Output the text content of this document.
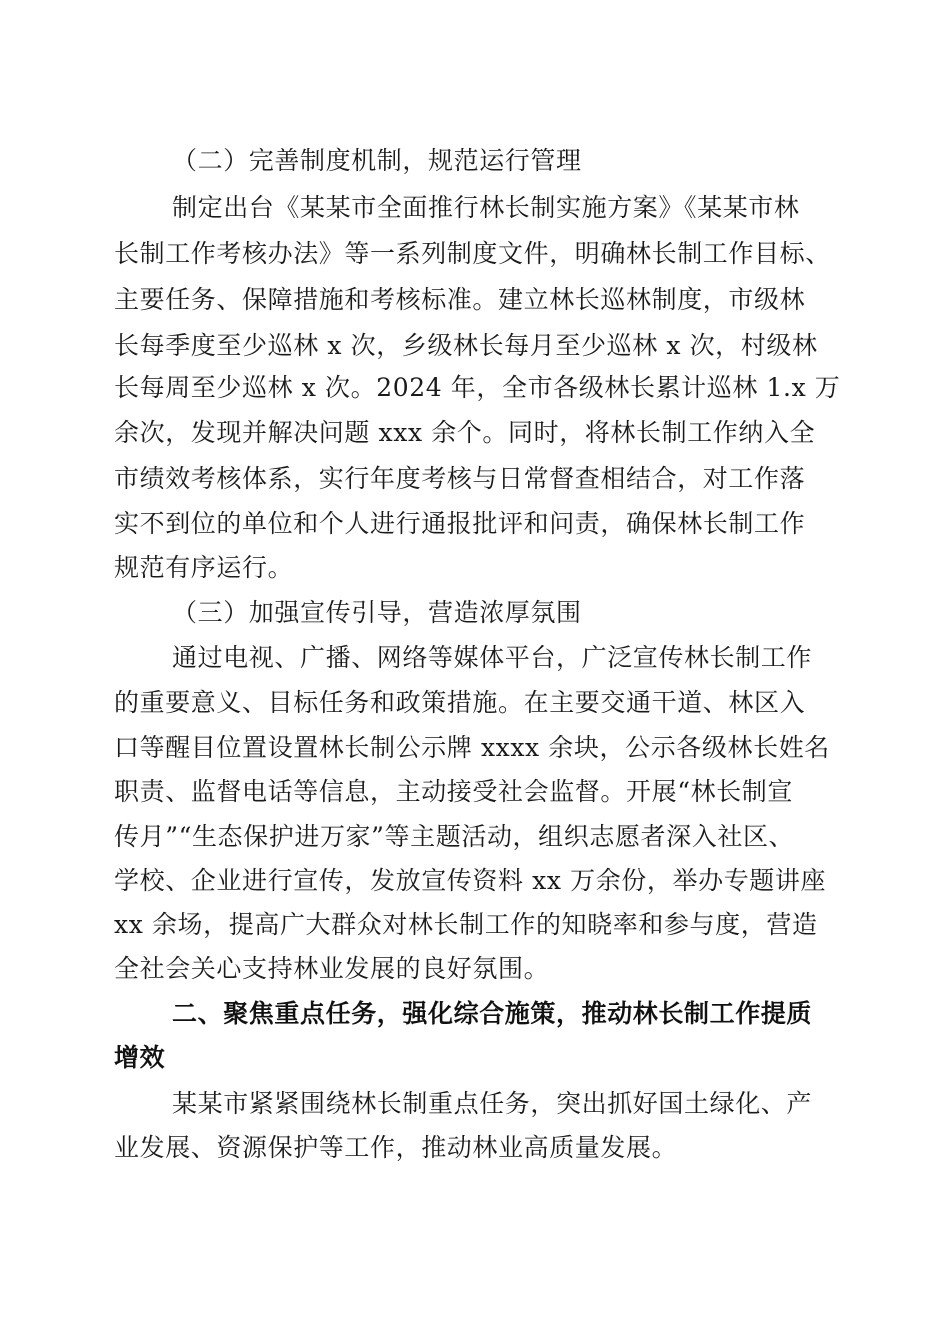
（二）完善制度机制，规范运行管理
制定出台《某某市全面推行林长制实施方案》《某某市林
长制工作考核办法》等一系列制度文件，明确林长制工作目标、
主要任务、保障措施和考核标准。建立林长巡林制度，市级林
长每季度至少巡林 x 次，乡级林长每月至少巡林 x 次，村级林
长每周至少巡林 x 次。2024 年，全市各级林长累计巡林 1.x 万
余次，发现并解决问题 xxx 余个。同时，将林长制工作纳入全
市绩效考核体系，实行年度考核与日常督查相结合，对工作落
实不到位的单位和个人进行通报批评和问责，确保林长制工作
规范有序运行。
（三）加强宣传引导，营造浓厚氛围
通过电视、广播、网络等媒体平台，广泛宣传林长制工作
的重要意义、目标任务和政策措施。在主要交通干道、林区入
口等醒目位置设置林长制公示牌 xxxx 余块，公示各级林长姓名
职责、监督电话等信息，主动接受社会监督。开展“林长制宣
传月”“生态保护进万家”等主题活动，组织志愿者深入社区、
学校、企业进行宣传，发放宣传资料 xx 万余份，举办专题讲座
xx 余场，提高广大群众对林长制工作的知晓率和参与度，营造
全社会关心支持林业发展的良好氛围。
二、聚焦重点任务，强化综合施策，推动林长制工作提质
增效
某某市紧紧围绕林长制重点任务，突出抓好国土绿化、产
业发展、资源保护等工作，推动林业高质量发展。
